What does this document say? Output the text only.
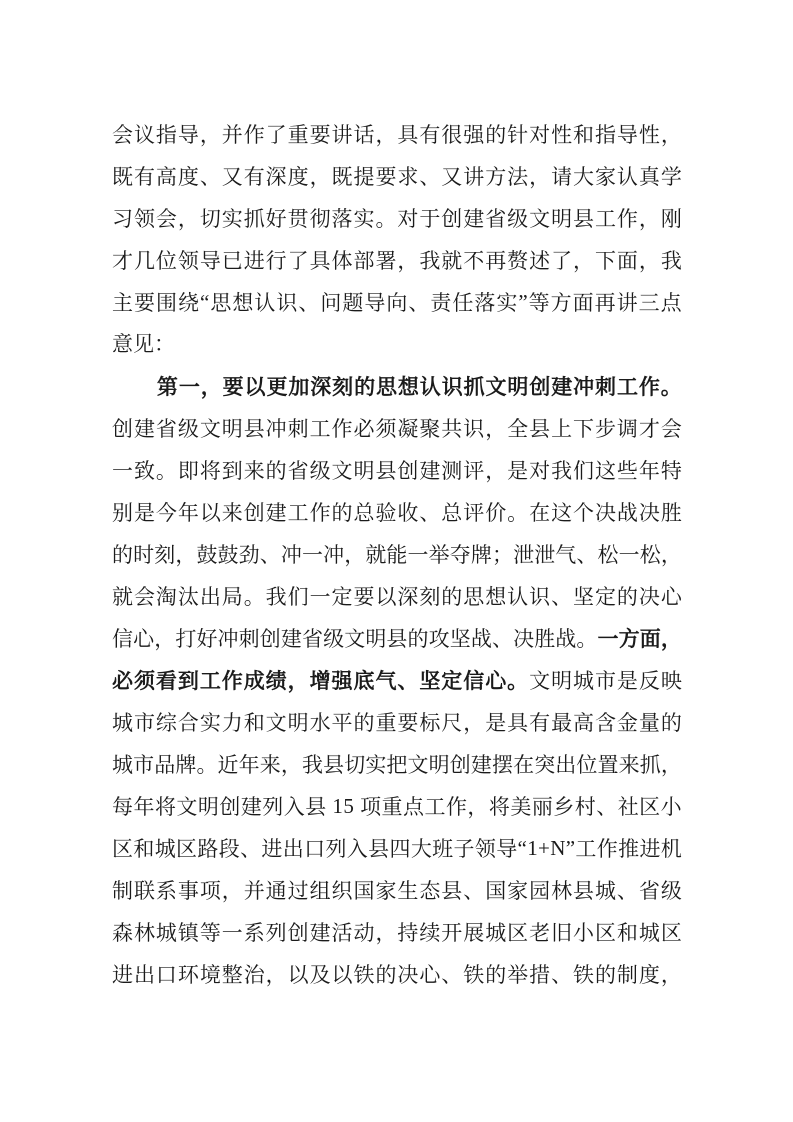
会 议 指 导 ， 并 作 了 重 要 讲 话 ， 具 有 很 强 的 针 对 性 和 指 导 性 ，
既 有 高 度 、 又 有 深 度 ， 既 提 要 求 、 又 讲 方 法 ， 请 大 家 认 真 学
习 领 会 ， 切 实 抓 好 贯 彻 落 实 。 对 于 创 建 省 级 文 明 县 工 作 ， 刚
才 几 位 领 导 已 进 行 了 具 体 部 署 ， 我 就 不 再 赘 述 了 ， 下 面 ， 我
主 要 围 绕 “ 思 想 认 识 、 问 题 导 向 、 责 任 落 实 ” 等 方 面 再 讲 三 点
意见：
第 一 ， 要 以 更 加 深 刻 的 思 想 认 识 抓 文 明 创 建 冲 刺 工 作 。
创 建 省 级 文 明 县 冲 刺 工 作 必 须 凝 聚 共 识 ， 全 县 上 下 步 调 才 会
一 致 。 即 将 到 来 的 省 级 文 明 县 创 建 测 评 ， 是 对 我 们 这 些 年 特
别 是 今 年 以 来 创 建 工 作 的 总 验 收 、 总 评 价 。 在 这 个 决 战 决 胜
的 时 刻 ， 鼓 鼓 劲 、 冲 一 冲 ， 就 能 一 举 夺 牌 ； 泄 泄 气 、 松 一 松 ，
就 会 淘 汰 出 局 。 我 们 一 定 要 以 深 刻 的 思 想 认 识 、 坚 定 的 决 心
信 心 ， 打 好 冲 刺 创 建 省 级 文 明 县 的 攻 坚 战 、 决 胜 战 。 一 方 面 ，
必 须 看 到 工 作 成 绩 ， 增 强 底 气 、 坚 定 信 心 。 文 明 城 市 是 反 映
城 市 综 合 实 力 和 文 明 水 平 的 重 要 标 尺 ， 是 具 有 最 高 含 金 量 的
城 市 品 牌 。 近 年 来 ， 我 县 切 实 把 文 明 创 建 摆 在 突 出 位 置 来 抓 ，
每 年 将 文 明 创 建 列 入 县
1 5
项 重 点 工 作 ， 将 美 丽 乡 村 、 社 区 小
区 和 城 区 路 段 、 进 出 口 列 入 县 四 大 班 子 领 导 “ 1 + N ” 工 作 推 进 机
制 联 系 事 项 ， 并 通 过 组 织 国 家 生 态 县 、 国 家 园 林 县 城 、 省 级
森 林 城 镇 等 一 系 列 创 建 活 动 ， 持 续 开 展 城 区 老 旧 小 区 和 城 区
进 出 口 环 境 整 治 ， 以 及 以 铁 的 决 心 、 铁 的 举 措 、 铁 的 制 度 ，
